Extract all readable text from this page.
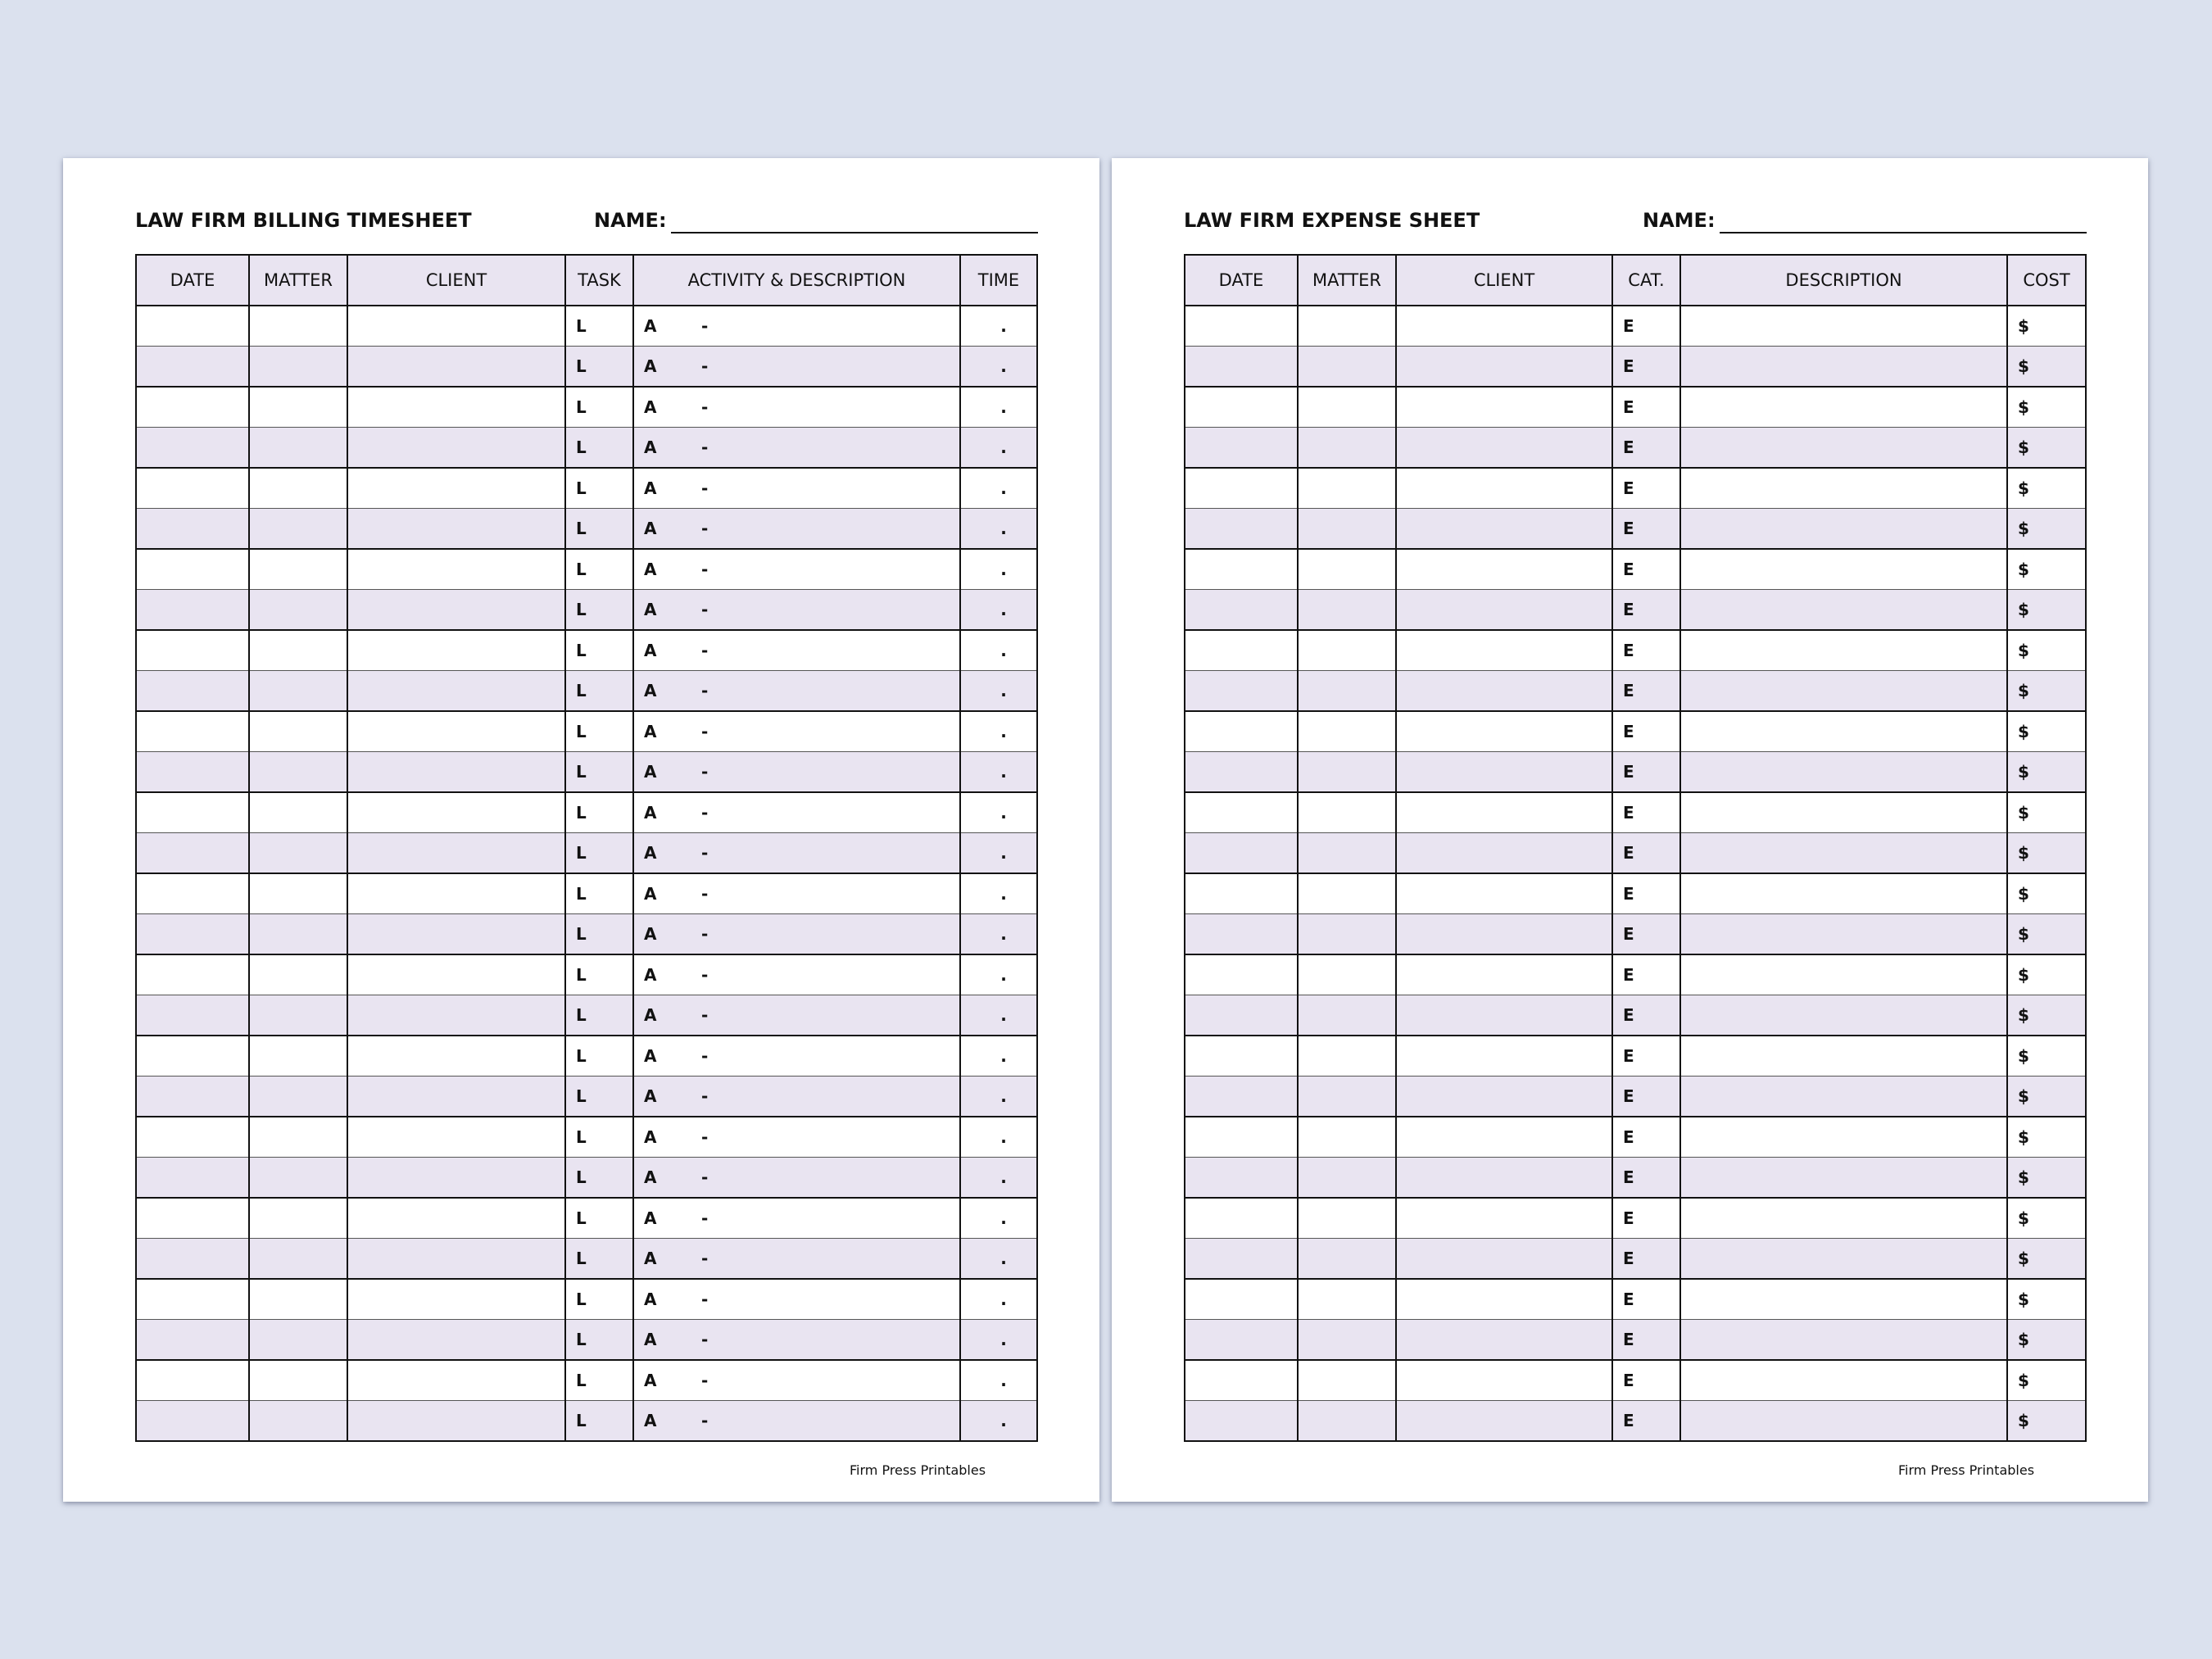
LAW FIRM BILLING TIMESHEET	NAME:
DATE	MATTER	CLIENT	TASK	ACTIVITY & DESCRIPTION	TIME
			L	A -	.
			L	A -	.
			L	A -	.
			L	A -	.
			L	A -	.
			L	A -	.
			L	A -	.
			L	A -	.
			L	A -	.
			L	A -	.
			L	A -	.
			L	A -	.
			L	A -	.
			L	A -	.
			L	A -	.
			L	A -	.
			L	A -	.
			L	A -	.
			L	A -	.
			L	A -	.
			L	A -	.
			L	A -	.
			L	A -	.
			L	A -	.
			L	A -	.
			L	A -	.
			L	A -	.
			L	A -	.
Firm Press Printables
LAW FIRM EXPENSE SHEET	NAME:
DATE	MATTER	CLIENT	CAT.	DESCRIPTION	COST
			E		$
			E		$
			E		$
			E		$
			E		$
			E		$
			E		$
			E		$
			E		$
			E		$
			E		$
			E		$
			E		$
			E		$
			E		$
			E		$
			E		$
			E		$
			E		$
			E		$
			E		$
			E		$
			E		$
			E		$
			E		$
			E		$
			E		$
			E		$
Firm Press Printables
